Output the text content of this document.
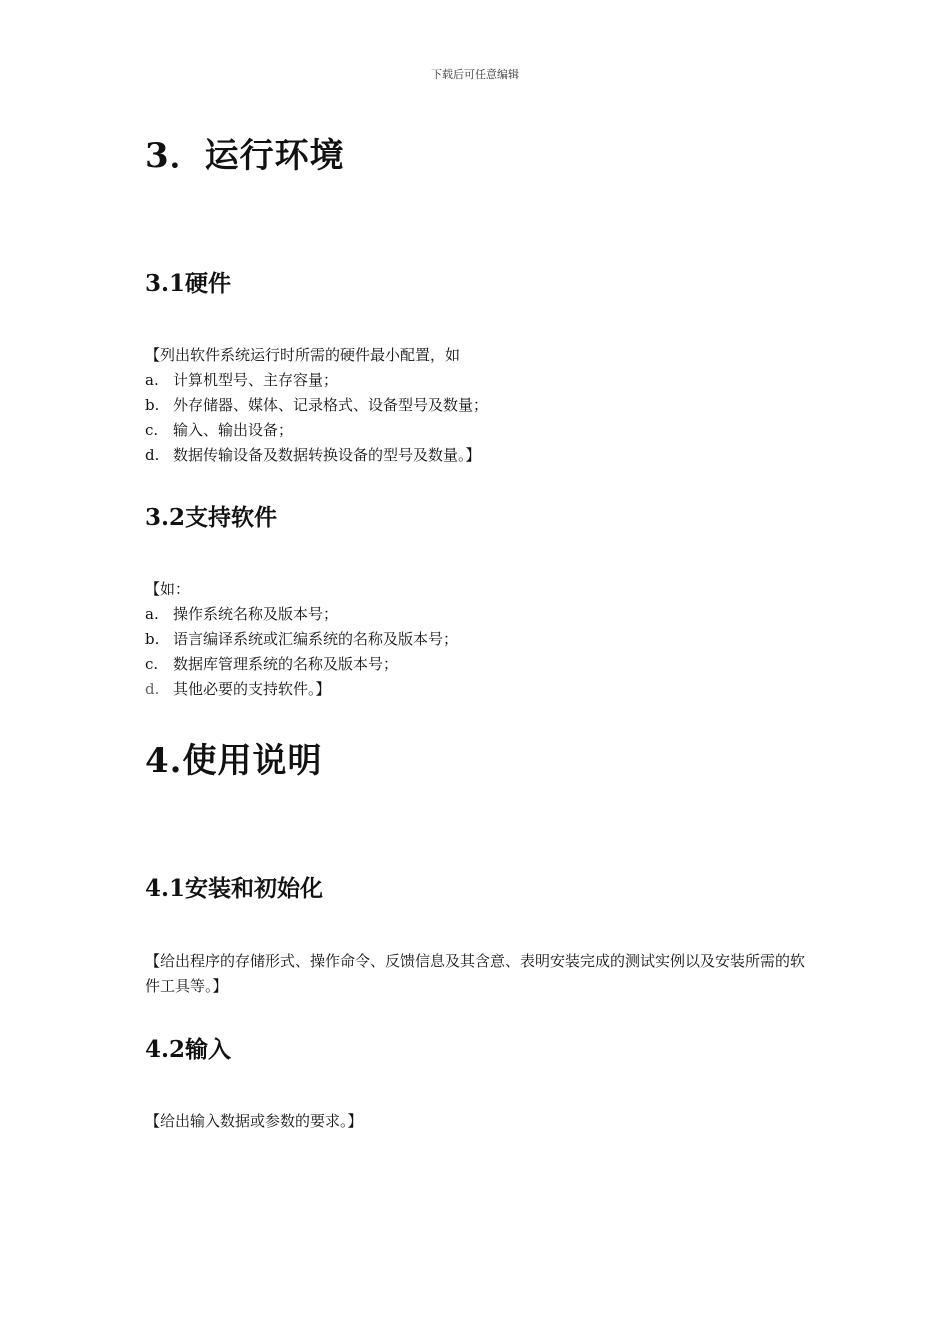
下载后可任意编辑
3．运行环境
3.1硬件
【列出软件系统运行时所需的硬件最小配置，如
a. 计算机型号、主存容量；
b. 外存储器、媒体、记录格式、设备型号及数量；
c. 输入、输出设备；
d. 数据传输设备及数据转换设备的型号及数量。】
3.2支持软件
【如：
a. 操作系统名称及版本号；
b. 语言编译系统或汇编系统的名称及版本号；
c. 数据库管理系统的名称及版本号；
d. 其他必要的支持软件。】
4.使用说明
4.1安装和初始化
【给出程序的存储形式、操作命令、反馈信息及其含意、表明安装完成的测试实例以及安装所需的软件工具等。】
4.2输入
【给出输入数据或参数的要求。】
